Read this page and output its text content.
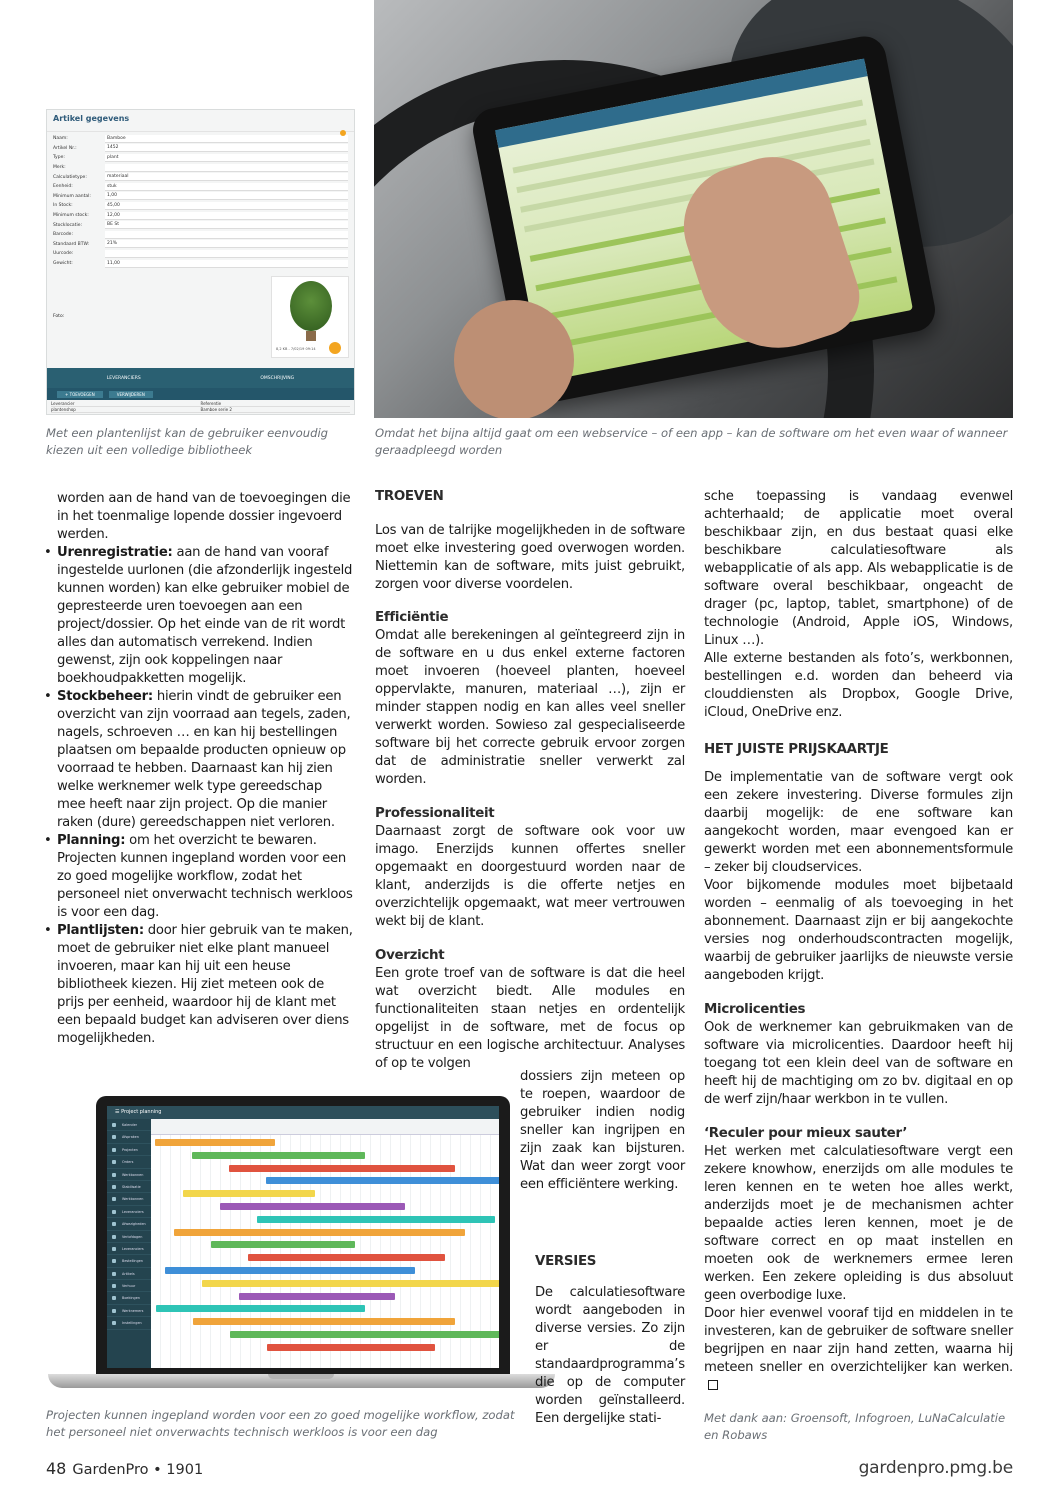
Artikel gegevens
Naam:	Bamboe
Artikel Nr.:	1452
Type:	plant
Merk:
Calculatietype:	materiaal
Eenheid:	stuk
Minimum aantal:	1,00
In Stock:	45,00
Minimum stock:	12,00
Stocklocatie:	BE St
Barcode:
Standaard BTW:	21%
Uurcode:
Gewicht:	11,00
Foto:
8,2 KB - 7/02/19 09:14
LEVERANCIERS	OMSCHRIJVING
+ TOEVOEGEN	VERWIJDEREN
Leverancier	Referentie
plantenshop	Bamboe serie 2
Met een plantenlijst kan de gebruiker eenvoudig kiezen uit een volledige bibliotheek
Omdat het bijna altijd gaat om een webservice – of een app – kan de software om het even waar of wanneer geraadpleegd worden
☰ Project planning
Kalender
Afspraken
Projecten
Orders
Werkbonnen
Stabilisatie
Werkbonnen
Leveranciers
Afwezigheden
Verlofdagen
Leveranciers
Bestellingen
Artikels
Verhuur
Boekingen
Werknemers
Instellingen
Projecten kunnen ingepland worden voor een zo goed mogelijke workflow, zodat het personeel niet onverwachts technisch werkloos is voor een dag

worden aan de hand van de toevoegingen die in het toenmalige lopende dossier ingevoerd werden.

• Urenregistratie: aan de hand van vooraf ingestelde uurlonen (die afzonderlijk ingesteld kunnen worden) kan elke gebruiker mobiel de gepresteerde uren toevoegen aan een project/dossier. Op het einde van de rit wordt alles dan automatisch verrekend. Indien gewenst, zijn ook koppelingen naar boekhoudpakketten mogelijk.
• Stockbeheer: hierin vindt de gebruiker een overzicht van zijn voorraad aan tegels, zaden, nagels, schroeven … en kan hij bestellingen plaatsen om bepaalde producten opnieuw op voorraad te hebben. Daarnaast kan hij zien welke werknemer welk type gereedschap mee heeft naar zijn project. Op die manier raken (dure) gereedschappen niet verloren.
• Planning: om het overzicht te bewaren. Projecten kunnen ingepland worden voor een zo goed mogelijke workflow, zodat het personeel niet onverwacht technisch werkloos is voor een dag.
• Plantlijsten: door hier gebruik van te maken, moet de gebruiker niet elke plant manueel invoeren, maar kan hij uit een heuse bibliotheek kiezen. Hij ziet meteen ook de prijs per eenheid, waardoor hij de klant met een bepaald budget kan adviseren over diens mogelijkheden.
TROEVEN

Los van de talrijke mogelijkheden in de software moet elke investering goed overwogen worden. Niettemin kan de software, mits juist gebruikt, zorgen voor diverse voordelen.

Efficiëntie

Omdat alle berekeningen al geïntegreerd zijn in de software en u dus enkel externe factoren moet invoeren (hoeveel planten, hoeveel oppervlakte, manuren, materiaal …), zijn er minder stappen nodig en kan alles veel sneller verwerkt worden. Sowieso zal gespecialiseerde software bij het correcte gebruik ervoor zorgen dat de administratie sneller verwerkt zal worden.

Professionaliteit

Daarnaast zorgt de software ook voor uw imago. Enerzijds kunnen offertes sneller opgemaakt en doorgestuurd worden naar de klant, anderzijds is die offerte netjes en overzichtelijk opgemaakt, wat meer vertrouwen wekt bij de klant.

Overzicht

Een grote troef van de software is dat die heel wat overzicht biedt. Alle modules en functionaliteiten staan netjes en ordentelijk opgelijst in de software, met de focus op structuur en een logische architectuur. Analyses of op te volgen

dossiers zijn meteen op te roepen, waardoor de gebruiker indien nodig sneller kan ingrijpen en zijn zaak kan bijsturen. Wat dan weer zorgt voor een efficiëntere werking.
VERSIES
De calculatiesoftware wordt aangeboden in diverse versies. Zo zijn er de standaardprogramma’s die op de computer worden geïnstalleerd. Een dergelijke stati-

sche toepassing is vandaag evenwel achterhaald; de applicatie moet overal beschikbaar zijn, en dus bestaat quasi elke beschikbare calculatiesoftware als webapplicatie of als app. Als webapplicatie is de software overal beschikbaar, ongeacht de drager (pc, laptop, tablet, smartphone) of de technologie (Android, Apple iOS, Windows, Linux …).

Alle externe bestanden als foto’s, werkbonnen, bestellingen e.d. worden dan beheerd via clouddiensten als Dropbox, Google Drive, iCloud, OneDrive enz.

HET JUISTE PRIJSKAARTJE

De implementatie van de software vergt ook een zekere investering. Diverse formules zijn daarbij mogelijk: de ene software kan aangekocht worden, maar evengoed kan er gewerkt worden met een abonnementsformule – zeker bij cloudservices.

Voor bijkomende modules moet bijbetaald worden – eenmalig of als toevoeging in het abonnement. Daarnaast zijn er bij aangekochte versies nog onderhoudscontracten mogelijk, waarbij de gebruiker jaarlijks de nieuwste versie aangeboden krijgt.

Microlicenties

Ook de werknemer kan gebruikmaken van de software via microlicenties. Daardoor heeft hij toegang tot een klein deel van de software en heeft hij de machtiging om zo bv. digitaal en op de werf zijn/haar werkbon in te vullen.

‘Reculer pour mieux sauter’

Het werken met calculatiesoftware vergt een zekere knowhow, enerzijds om alle modules te leren kennen en te weten hoe alles werkt, anderzijds moet je de mechanismen achter bepaalde acties leren kennen, moet je de software correct en op maat instellen en moeten ook de werknemers ermee leren werken. Een zekere opleiding is dus absoluut geen overbodige luxe.

Door hier evenwel vooraf tijd en middelen in te investeren, kan de gebruiker de software sneller begrijpen en naar zijn hand zetten, waarna hij meteen sneller en overzichtelijker kan werken.

Met dank aan: Groensoft, Infogroen, LuNaCalculatie en Robaws
48 GardenPro • 1901	gardenpro.pmg.be
